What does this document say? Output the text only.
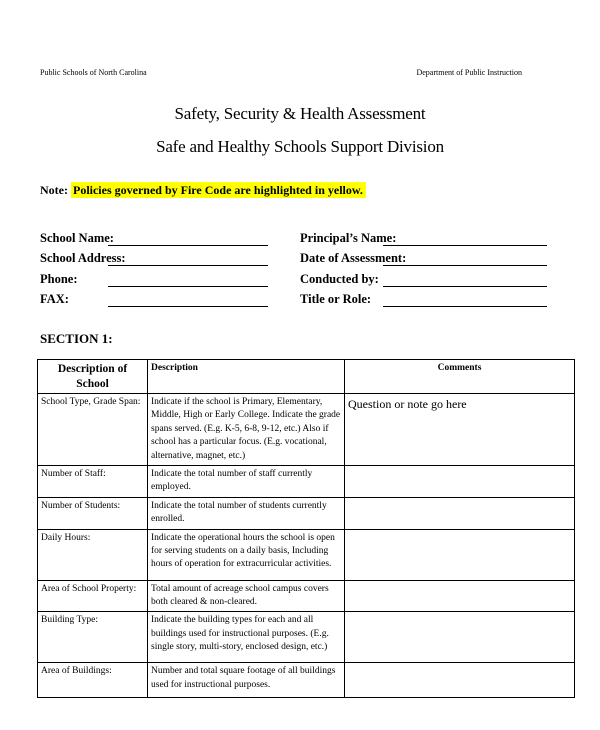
Public Schools of North Carolina	Department of Public Instruction
Safety, Security & Health Assessment
Safe and Healthy Schools Support Division
Note: Policies governed by Fire Code are highlighted in yellow.
School Name:
School Address:
Phone:
FAX:
Principal’s Name:
Date of Assessment:
Conducted by:
Title or Role:
SECTION 1:
Description of School	Description	Comments
School Type, Grade Span:	Indicate if the school is Primary, Elementary, Middle, High or Early College. Indicate the grade spans served. (E.g. K-5, 6-8, 9-12, etc.) Also if school has a particular focus. (E.g. vocational, alternative, magnet, etc.)	Question or note go here
Number of Staff:	Indicate the total number of staff currently employed.	
Number of Students:	Indicate the total number of students currently enrolled.	
Daily Hours:	Indicate the operational hours the school is open for serving students on a daily basis, Including hours of operation for extracurricular activities.	
Area of School Property:	Total amount of acreage school campus covers both cleared & non-cleared.	
Building Type:	Indicate the building types for each and all buildings used for instructional purposes. (E.g. single story, multi-story, enclosed design, etc.)	
Area of Buildings:	Number and total square footage of all buildings used for instructional purposes.	
